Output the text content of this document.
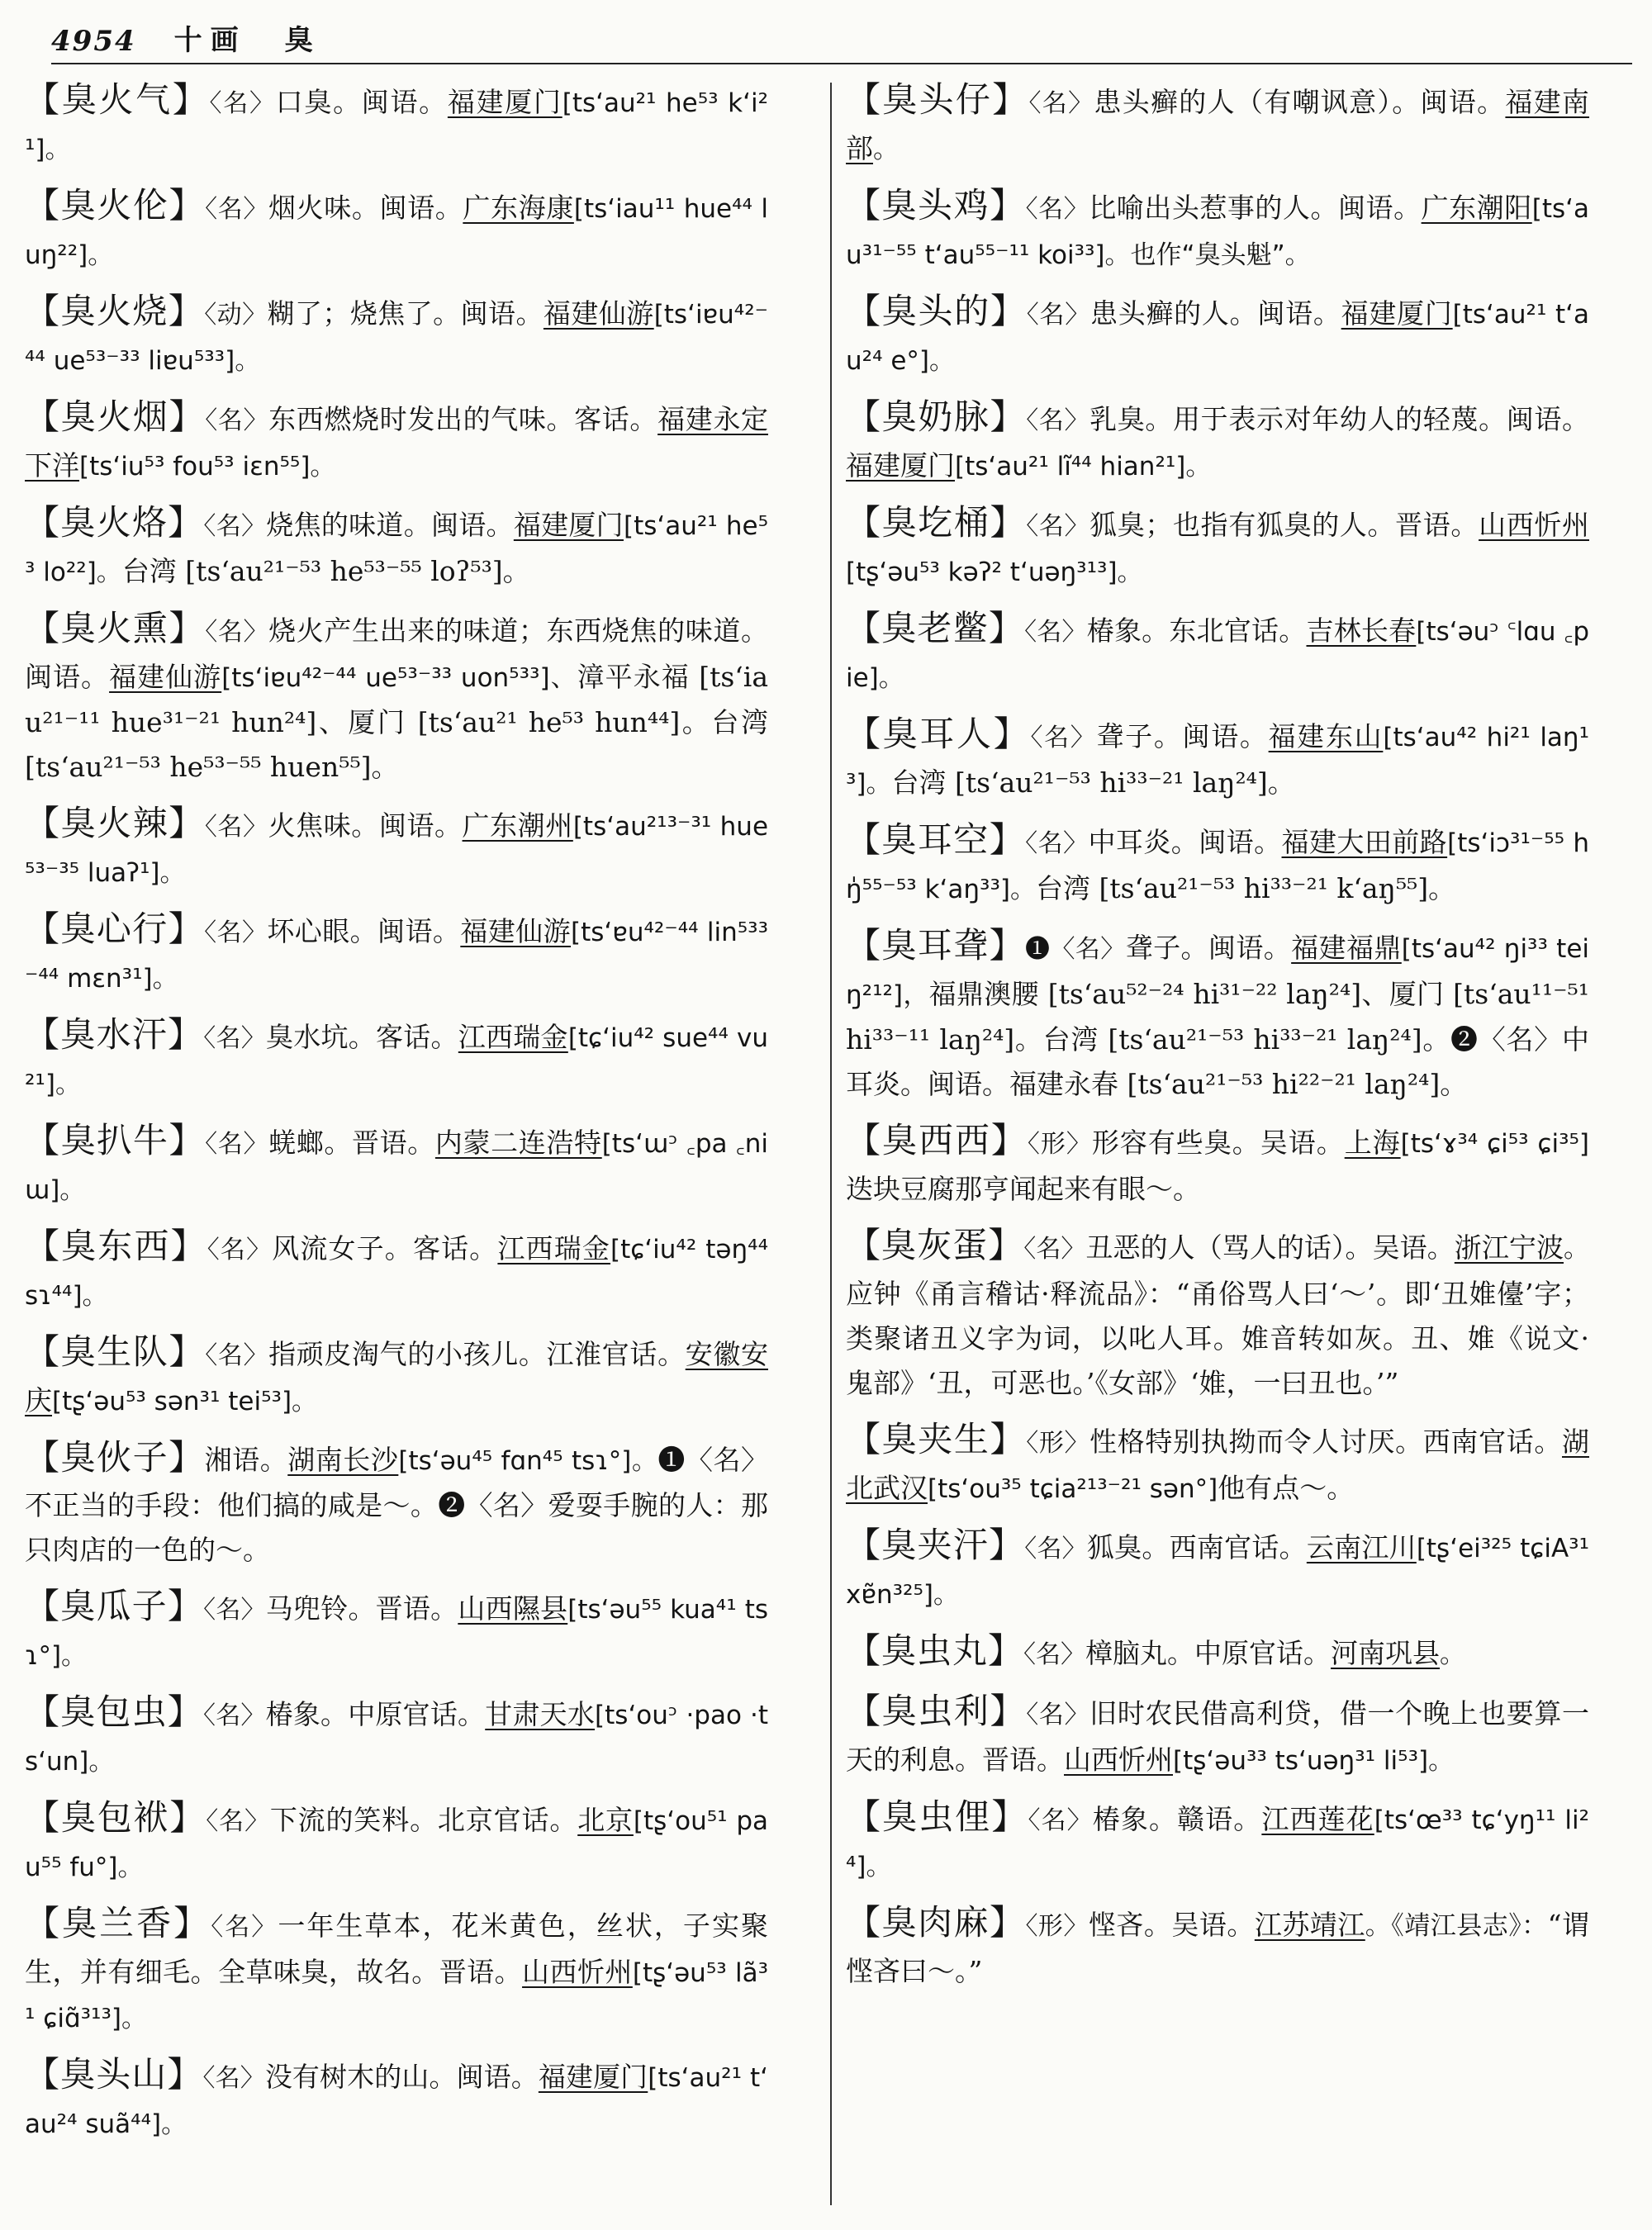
4954 十画 臭

【臭火气】〈名〉口臭。闽语。福建厦门[tsʻau²¹ he⁵³ kʻi²¹]。

【臭火伦】〈名〉烟火味。闽语。广东海康[tsʻiau¹¹ hue⁴⁴ luŋ²²]。

【臭火烧】〈动〉糊了；烧焦了。闽语。福建仙游[tsʻiɐu⁴²⁻⁴⁴ ue⁵³⁻³³ liɐu⁵³³]。

【臭火烟】〈名〉东西燃烧时发出的气味。客话。福建永定下洋[tsʻiu⁵³ fou⁵³ iɛn⁵⁵]。

【臭火烙】〈名〉烧焦的味道。闽语。福建厦门[tsʻau²¹ he⁵³ lo²²]。台湾 [tsʻau²¹⁻⁵³ he⁵³⁻⁵⁵ loʔ⁵³]。

【臭火熏】〈名〉烧火产生出来的味道；东西烧焦的味道。闽语。福建仙游[tsʻiɐu⁴²⁻⁴⁴ ue⁵³⁻³³ uon⁵³³]、漳平永福 [tsʻiau²¹⁻¹¹ hue³¹⁻²¹ hun²⁴]、厦门 [tsʻau²¹ he⁵³ hun⁴⁴]。台湾 [tsʻau²¹⁻⁵³ he⁵³⁻⁵⁵ huen⁵⁵]。

【臭火辣】〈名〉火焦味。闽语。广东潮州[tsʻau²¹³⁻³¹ hue⁵³⁻³⁵ luaʔ¹]。

【臭心行】〈名〉坏心眼。闽语。福建仙游[tsʻɐu⁴²⁻⁴⁴ lin⁵³³⁻⁴⁴ mɛn³¹]。

【臭水汗】〈名〉臭水坑。客话。江西瑞金[tɕʻiu⁴² sue⁴⁴ vu²¹]。

【臭扒牛】〈名〉蜣螂。晋语。内蒙二连浩特[tsʻɯᵓ ꜀pa ꜀niɯ]。

【臭东西】〈名〉风流女子。客话。江西瑞金[tɕʻiu⁴² təŋ⁴⁴ sɿ⁴⁴]。

【臭生队】〈名〉指顽皮淘气的小孩儿。江淮官话。安徽安庆[tʂʻəu⁵³ sən³¹ tei⁵³]。

【臭伙子】湘语。湖南长沙[tsʻəu⁴⁵ fɑn⁴⁵ tsɿ°]。❶〈名〉不正当的手段：他们搞的咸是～。❷〈名〉爱耍手腕的人：那只肉店的一色的～。

【臭瓜子】〈名〉马兜铃。晋语。山西隰县[tsʻəu⁵⁵ kua⁴¹ tsɿ°]。

【臭包虫】〈名〉椿象。中原官话。甘肃天水[tsʻouᵓ ·pao ·tsʻun]。

【臭包袱】〈名〉下流的笑料。北京官话。北京[tʂʻou⁵¹ pau⁵⁵ fu°]。

【臭兰香】〈名〉一年生草本，花米黄色，丝状，子实聚生，并有细毛。全草味臭，故名。晋语。山西忻州[tʂʻəu⁵³ lã³¹ ɕiɑ̃³¹³]。

【臭头山】〈名〉没有树木的山。闽语。福建厦门[tsʻau²¹ tʻau²⁴ suã⁴⁴]。

【臭头仔】〈名〉患头癣的人（有嘲讽意）。闽语。福建南部。

【臭头鸡】〈名〉比喻出头惹事的人。闽语。广东潮阳[tsʻau³¹⁻⁵⁵ tʻau⁵⁵⁻¹¹ koi³³]。也作“臭头魁”。

【臭头的】〈名〉患头癣的人。闽语。福建厦门[tsʻau²¹ tʻau²⁴ e°]。

【臭奶脉】〈名〉乳臭。用于表示对年幼人的轻蔑。闽语。福建厦门[tsʻau²¹ lĩ⁴⁴ hian²¹]。

【臭圪桶】〈名〉狐臭；也指有狐臭的人。晋语。山西忻州[tʂʻəu⁵³ kəʔ² tʻuəŋ³¹³]。

【臭老鳖】〈名〉椿象。东北官话。吉林长春[tsʻəuᵓ ꜂lɑu ꜀pie]。

【臭耳人】〈名〉聋子。闽语。福建东山[tsʻau⁴² hi²¹ laŋ¹³]。台湾 [tsʻau²¹⁻⁵³ hi³³⁻²¹ laŋ²⁴]。

【臭耳空】〈名〉中耳炎。闽语。福建大田前路[tsʻiɔ³¹⁻⁵⁵ hŋ̍⁵⁵⁻⁵³ kʻaŋ³³]。台湾 [tsʻau²¹⁻⁵³ hi³³⁻²¹ kʻaŋ⁵⁵]。

【臭耳聋】❶〈名〉聋子。闽语。福建福鼎[tsʻau⁴² ŋi³³ teiŋ²¹²]，福鼎澳腰 [tsʻau⁵²⁻²⁴ hi³¹⁻²² laŋ²⁴]、厦门 [tsʻau¹¹⁻⁵¹ hi³³⁻¹¹ laŋ²⁴]。台湾 [tsʻau²¹⁻⁵³ hi³³⁻²¹ laŋ²⁴]。❷〈名〉中耳炎。闽语。福建永春 [tsʻau²¹⁻⁵³ hi²²⁻²¹ laŋ²⁴]。

【臭西西】〈形〉形容有些臭。吴语。上海[tsʻɤ³⁴ ɕi⁵³ ɕi³⁵]迭块豆腐那亨闻起来有眼～。

【臭灰蛋】〈名〉丑恶的人（骂人的话）。吴语。浙江宁波。应钟《甬言稽诂·释流品》：“甬俗骂人曰‘～’。即‘丑婎儓’字；类聚诸丑义字为词，以叱人耳。婎音转如灰。丑、婎《说文·鬼部》‘丑，可恶也。’《女部》‘婎，一曰丑也。’”

【臭夹生】〈形〉性格特别执拗而令人讨厌。西南官话。湖北武汉[tsʻou³⁵ tɕia²¹³⁻²¹ sən°]他有点～。

【臭夹汗】〈名〉狐臭。西南官话。云南江川[tʂʻei³²⁵ tɕiA³¹ xɐ̃n³²⁵]。

【臭虫丸】〈名〉樟脑丸。中原官话。河南巩县。

【臭虫利】〈名〉旧时农民借高利贷，借一个晚上也要算一天的利息。晋语。山西忻州[tʂʻəu³³ tsʻuəŋ³¹ li⁵³]。

【臭虫俚】〈名〉椿象。赣语。江西莲花[tsʻœ³³ tɕʻyŋ¹¹ li²⁴]。

【臭肉麻】〈形〉悭吝。吴语。江苏靖江。《靖江县志》：“谓悭吝曰～。”
